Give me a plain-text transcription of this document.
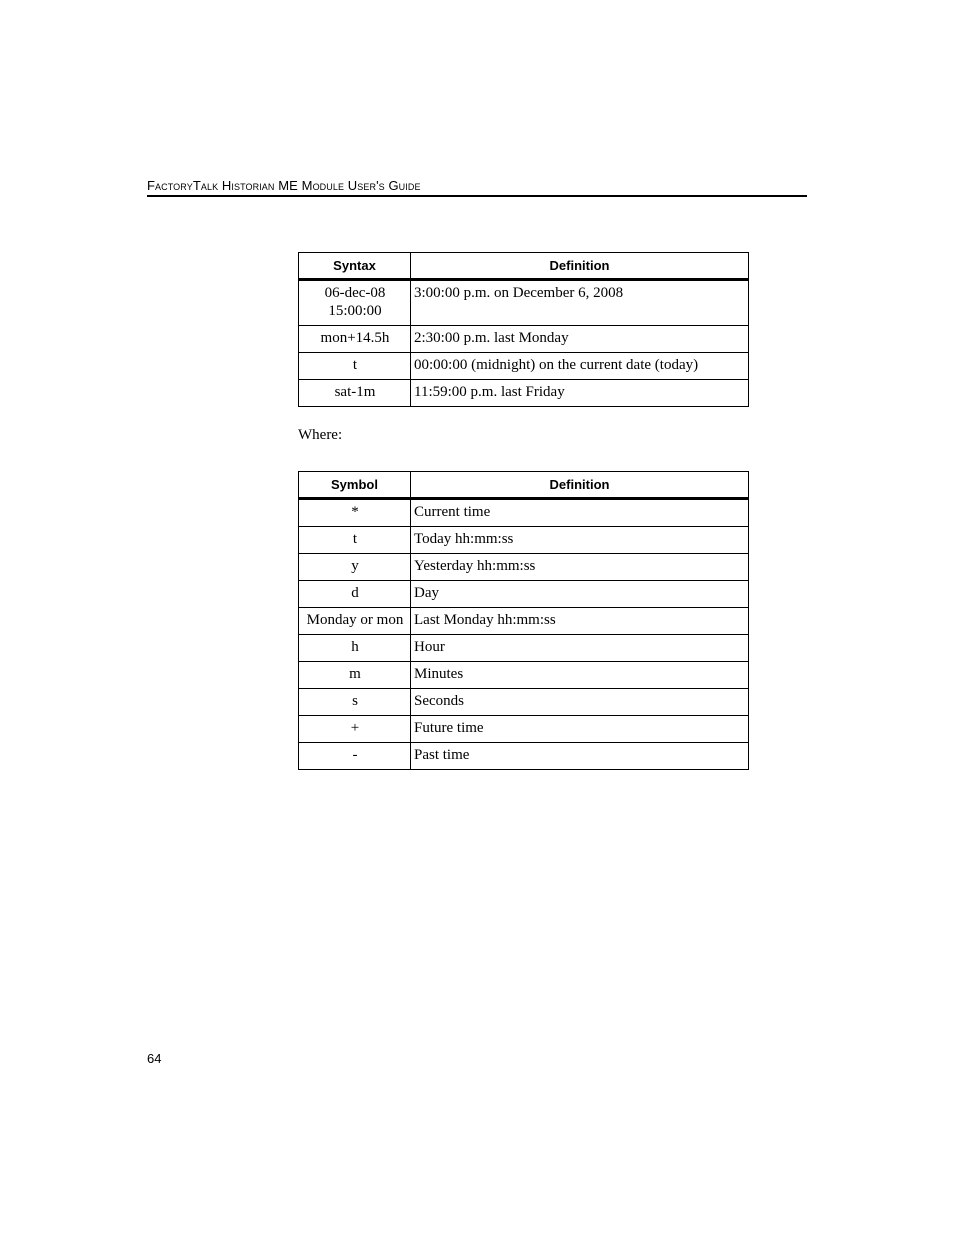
FactoryTalk Historian ME Module User's Guide
Syntax	Definition
06-dec-08
15:00:00	3:00:00 p.m. on December 6, 2008
mon+14.5h	2:30:00 p.m. last Monday
t	00:00:00 (midnight) on the current date (today)
sat-1m	11:59:00 p.m. last Friday
Where:
Symbol	Definition
*	Current time
t	Today hh:mm:ss
y	Yesterday hh:mm:ss
d	Day
Monday or mon	Last Monday hh:mm:ss
h	Hour
m	Minutes
s	Seconds
+	Future time
-	Past time
64
